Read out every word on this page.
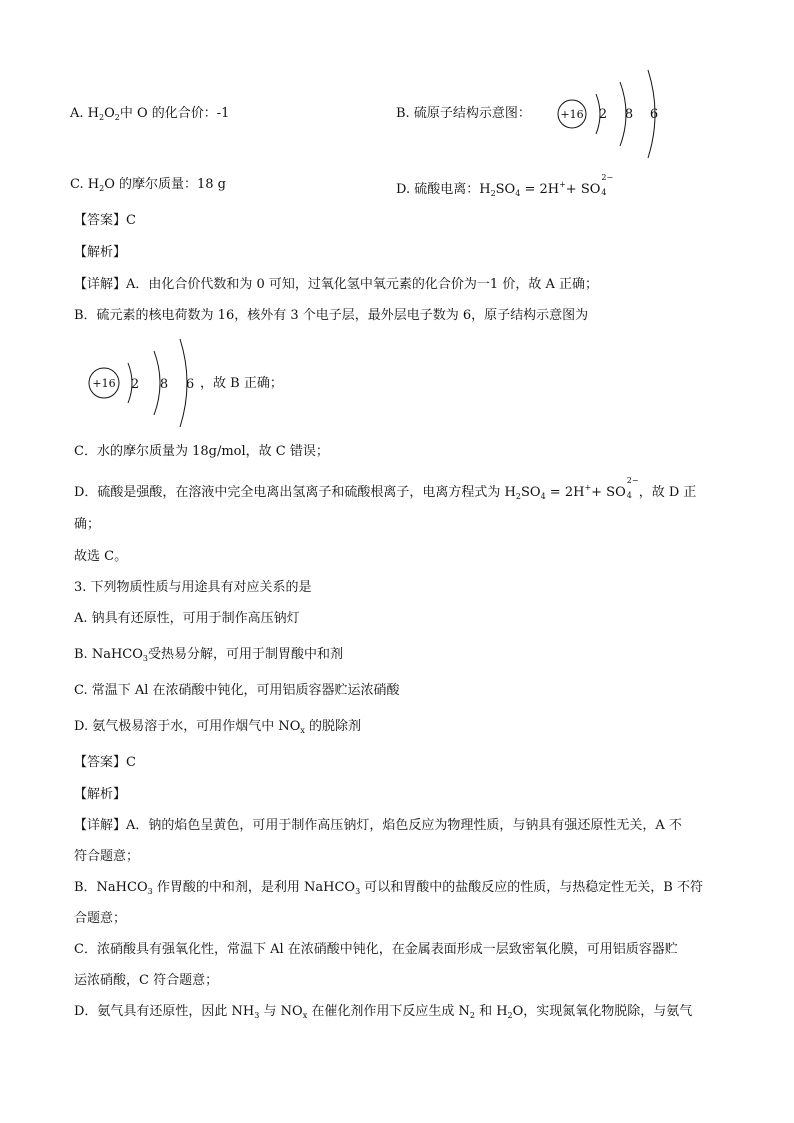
A. $H_2O_2$中 O 的化合价：-1	B. 硫原子结构示意图：	+16 2 8 6
C. $H_2O$ 的摩尔质量：18 g	D. 硫酸电离：$H_2SO_4 = 2H^++$ SO
2−
4
【答案】C
【解析】
【详解】A．由化合价代数和为 0 可知，过氧化氢中氧元素的化合价为一1 价，故 A 正确；
B．硫元素的核电荷数为 16，核外有 3 个电子层，最外层电子数为 6，原子结构示意图为
+16 2 8 6 ，故 B 正确；
C．水的摩尔质量为 18g/mol，故 C 错误；
D．硫酸是强酸，在溶液中完全电离出氢离子和硫酸根离子，电离方程式为 $H_2SO_4 = 2H^++$ SO
2−
4 ，故 D 正
确；
故选 C。
3. 下列物质性质与用途具有对应关系的是
A. 钠具有还原性，可用于制作高压钠灯
B. NaHCO$_3$受热易分解，可用于制胃酸中和剂
C. 常温下 Al 在浓硝酸中钝化，可用铝质容器贮运浓硝酸
D. 氨气极易溶于水，可用作烟气中 $NO_x$ 的脱除剂
【答案】C
【解析】
【详解】A．钠的焰色呈黄色，可用于制作高压钠灯，焰色反应为物理性质，与钠具有强还原性无关，A 不
符合题意；
B．NaHCO$_3$ 作胃酸的中和剂，是利用 NaHCO$_3$ 可以和胃酸中的盐酸反应的性质，与热稳定性无关，B 不符
合题意；
C．浓硝酸具有强氧化性，常温下 Al 在浓硝酸中钝化，在金属表面形成一层致密氧化膜，可用铝质容器贮
运浓硝酸，C 符合题意；
D．氨气具有还原性，因此 $NH_3$ 与 $NO_x$ 在催化剂作用下反应生成 $N_2$ 和 $H_2O$，实现氮氧化物脱除，与氨气
